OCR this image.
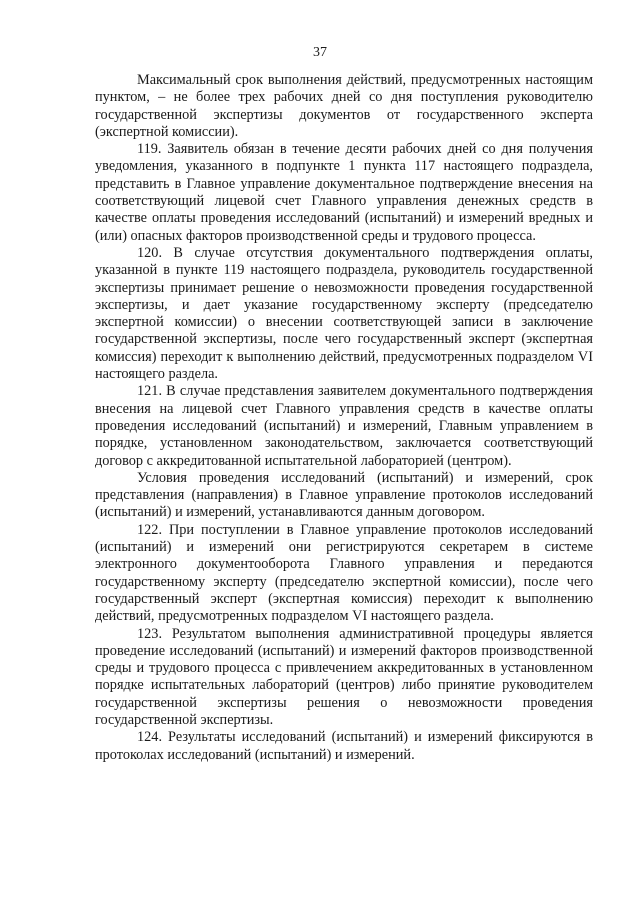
37

Максимальный срок выполнения действий, предусмотренных настоящим пунктом, – не более трех рабочих дней со дня поступления руководителю государственной экспертизы документов от государственного эксперта (экспертной комиссии).

119. Заявитель обязан в течение десяти рабочих дней со дня получения уведомления, указанного в подпункте 1 пункта 117 настоящего подраздела, представить в Главное управление документальное подтверждение внесения на соответствующий лицевой счет Главного управления денежных средств в качестве оплаты проведения исследований (испытаний) и измерений вредных и (или) опасных факторов производственной среды и трудового процесса.

120. В случае отсутствия документального подтверждения оплаты, указанной в пункте 119 настоящего подраздела, руководитель государственной экспертизы принимает решение о невозможности проведения государственной экспертизы, и дает указание государственному эксперту (председателю экспертной комиссии) о внесении соответствующей записи в заключение государственной экспертизы, после чего государственный эксперт (экспертная комиссия) переходит к выполнению действий, предусмотренных подразделом VI настоящего раздела.

121. В случае представления заявителем документального подтверждения внесения на лицевой счет Главного управления средств в качестве оплаты проведения исследований (испытаний) и измерений, Главным управлением в порядке, установленном законодательством, заключается соответствующий договор с аккредитованной испытательной лабораторией (центром).

Условия проведения исследований (испытаний) и измерений, срок представления (направления) в Главное управление протоколов исследований (испытаний) и измерений, устанавливаются данным договором.

122. При поступлении в Главное управление протоколов исследований (испытаний) и измерений они регистрируются секретарем в системе электронного документооборота Главного управления и передаются государственному эксперту (председателю экспертной комиссии), после чего государственный эксперт (экспертная комиссия) переходит к выполнению действий, предусмотренных подразделом VI настоящего раздела.

123. Результатом выполнения административной процедуры является проведение исследований (испытаний) и измерений факторов производственной среды и трудового процесса с привлечением аккредитованных в установленном порядке испытательных лабораторий (центров) либо принятие руководителем государственной экспертизы решения о невозможности проведения государственной экспертизы.

124. Результаты исследований (испытаний) и измерений фиксируются в протоколах исследований (испытаний) и измерений.
